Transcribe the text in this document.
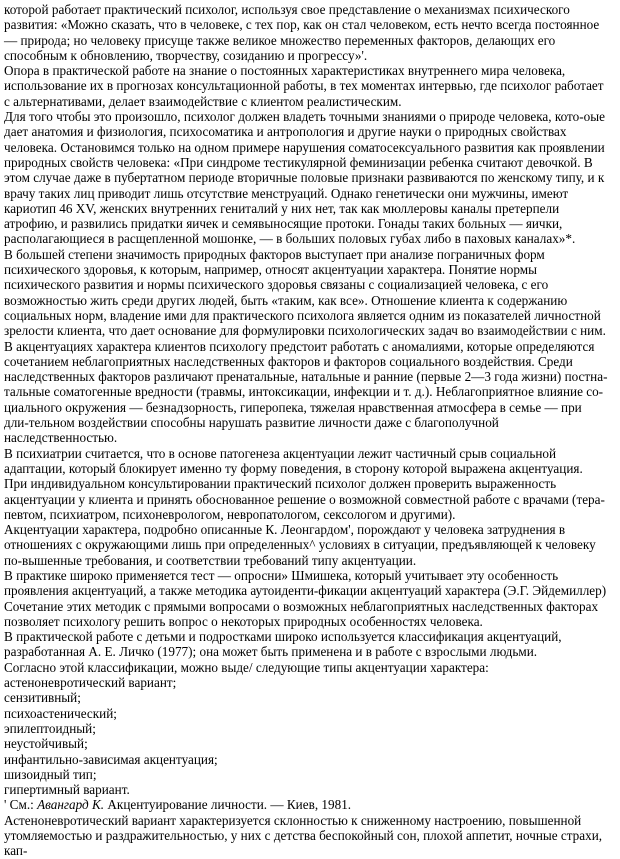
которой работает практический психолог, используя свое представление о механизмах психического развития: «Можно сказать, что в человеке, с тех пор, как он стал человеком, есть нечто всегда постоянное — природа; но человеку присуще также великое множество переменных факторов, делающих его способным к обновлению, творчеству, созиданию и прогрессу»'.

Опора в практической работе на знание о постоянных характеристиках внутреннего мира человека, использование их в прогнозах консультационной работы, в тех моментах интервью, где психолог работает с альтернативами, делает взаимодействие с клиентом реалистическим.

Для того чтобы это произошло, психолог должен владеть точными знаниями о природе человека, кото-оые дает анатомия и физиология, психосоматика и антропология и другие науки о природных свойствах человека. Остановимся только на одном примере нарушения соматосексуального развития как проявлении природных свойств человека: «При синдроме тестикулярной феминизации ребенка считают девочкой. В этом случае даже в пубертатном периоде вторичные половые признаки развиваются по женскому типу, и к врачу таких лиц приводит лишь отсутствие менструаций. Однако генетически они мужчины, имеют кариотип 46 XV, женских внутренних гениталий у них нет, так как мюллеровы каналы претерпели атрофию, и развились придатки яичек и семявыносящие протоки. Гонады таких больных — яички, располагающиеся в расщепленной мошонке, — в больших половых губах либо в паховых каналах»*.

В большей степени значимость природных факторов выступает при анализе пограничных форм психического здоровья, к которым, например, относят акцентуации характера. Понятие нормы психического развития и нормы психического здоровья связаны с социализацией человека, с его возможностью жить среди других людей, быть «таким, как все». Отношение клиента к содержанию социальных норм, владение ими для практического психолога является одним из показателей личностной зрелости клиента, что дает основание для формулировки психологических задач во взаимодействии с ним.

В акцентуациях характера клиентов психологу предстоит работать с аномалиями, которые определяются сочетанием неблагоприятных наследственных факторов и факторов социального воздействия. Среди наследственных факторов различают пренатальные, натальные и ранние (первые 2—3 года жизни) постна-тальные соматогенные вредности (травмы, интоксикации, инфекции и т. д.). Неблагоприятное влияние со-циального окружения — безнадзорность, гиперопека, тяжелая нравственная атмосфера в семье — при дли-тельном воздействии способны нарушать развитие личности даже с благополучной наследственностью.

В психиатрии считается, что в основе патогенеза акцентуации лежит частичный срыв социальной адаптации, который блокирует именно ту форму поведения, в сторону которой выражена акцентуация.

При индивидуальном консультировании практический психолог должен проверить выраженность акцентуации у клиента и принять обоснованное решение о возможной совместной работе с врачами (тера-певтом, психиатром, психоневрологом, невропатологом, сексологом и другими).

Акцентуации характера, подробно описанные К. Леонгардом', порождают у человека затруднения в отношениях с окружающими лишь при определенных^ условиях в ситуации, предъявляющей к человеку по-вышенные требования, и соответствии требований типу акцентуации.

В практике широко применяется тест — опросни» Шмишека, который учитывает эту особенность проявления акцентуаций, а также методика аутоиденти-фикации акцентуаций характера (Э.Г. Эйдемиллер) Сочетание этих методик с прямыми вопросами о возможных неблагоприятных наследственных факторах позволяет психологу решить вопрос о некоторых природных особенностях человека.

В практической работе с детьми и подростками широко используется классификация акцентуаций, разработанная А. Е. Личко (1977); она может быть применена и в работе с взрослыми людьми.

Согласно этой классификации, можно выде/ следующие типы акцентуации характера:

астеноневротический вариант;

сензитивный;

психоастенический;

эпилептоидный;

неустойчивый;

инфантильно-зависимая акцентуация;

шизоидный тип;

гипертимный вариант.

' См.: Авангард К. Акцентуирование личности. — Киев, 1981.

Астеноневротический вариант характеризуется склонностью к сниженному настроению, повышенной утомляемостью и раздражительностью, у них с детства беспокойный сон, плохой аппетит, ночные страхи, кап-
